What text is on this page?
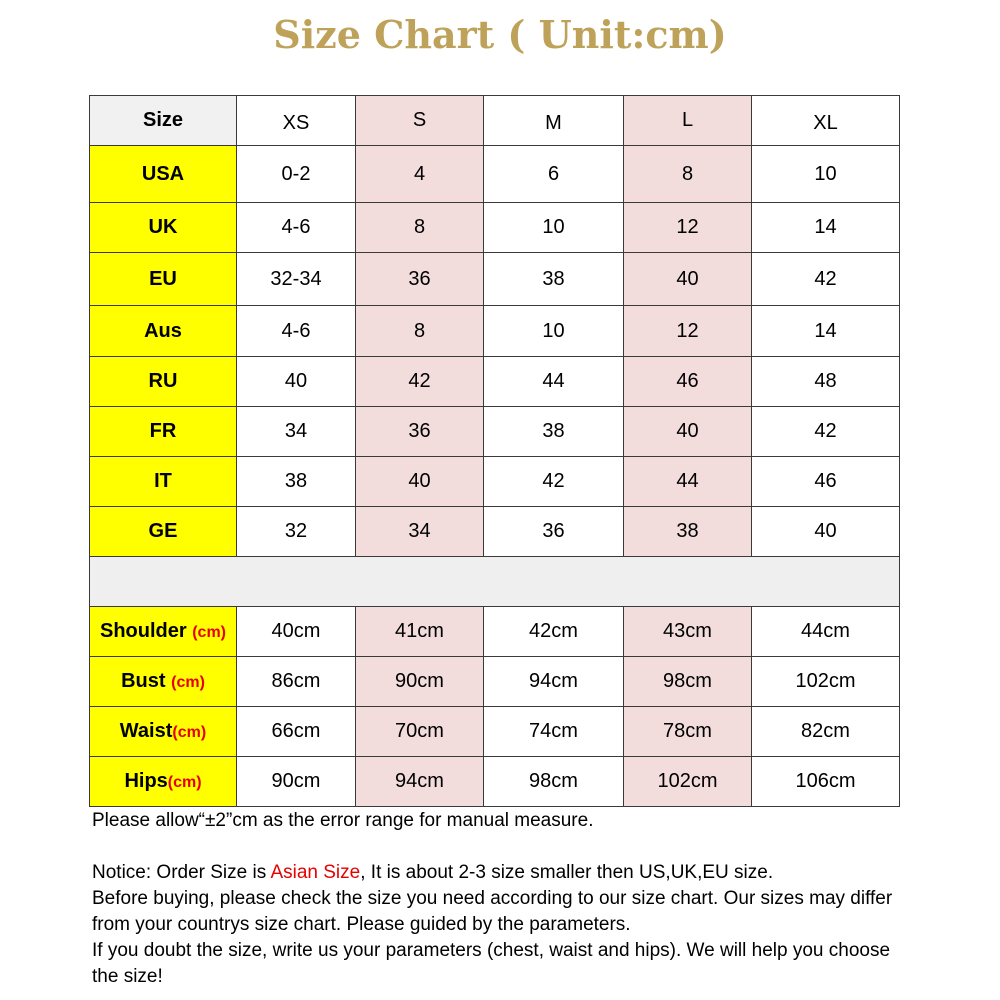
Size Chart ( Unit:cm)
Size	XS	S	M	L	XL
USA	0-2	4	6	8	10
UK	4-6	8	10	12	14
EU	32-34	36	38	40	42
Aus	4-6	8	10	12	14
RU	40	42	44	46	48
FR	34	36	38	40	42
IT	38	40	42	44	46
GE	32	34	36	38	40

Shoulder (cm)	40cm	41cm	42cm	43cm	44cm
Bust (cm)	86cm	90cm	94cm	98cm	102cm
Waist(cm)	66cm	70cm	74cm	78cm	82cm
Hips(cm)	90cm	94cm	98cm	102cm	106cm

Please allow“±2”cm as the error range for manual measure.

Notice: Order Size is Asian Size, It is about 2-3 size smaller then US,UK,EU size.

Before buying, please check the size you need according to our size chart. Our sizes may differ from your countrys size chart. Please guided by the parameters.

If you doubt the size, write us your parameters (chest, waist and hips). We will help you choose the size!
